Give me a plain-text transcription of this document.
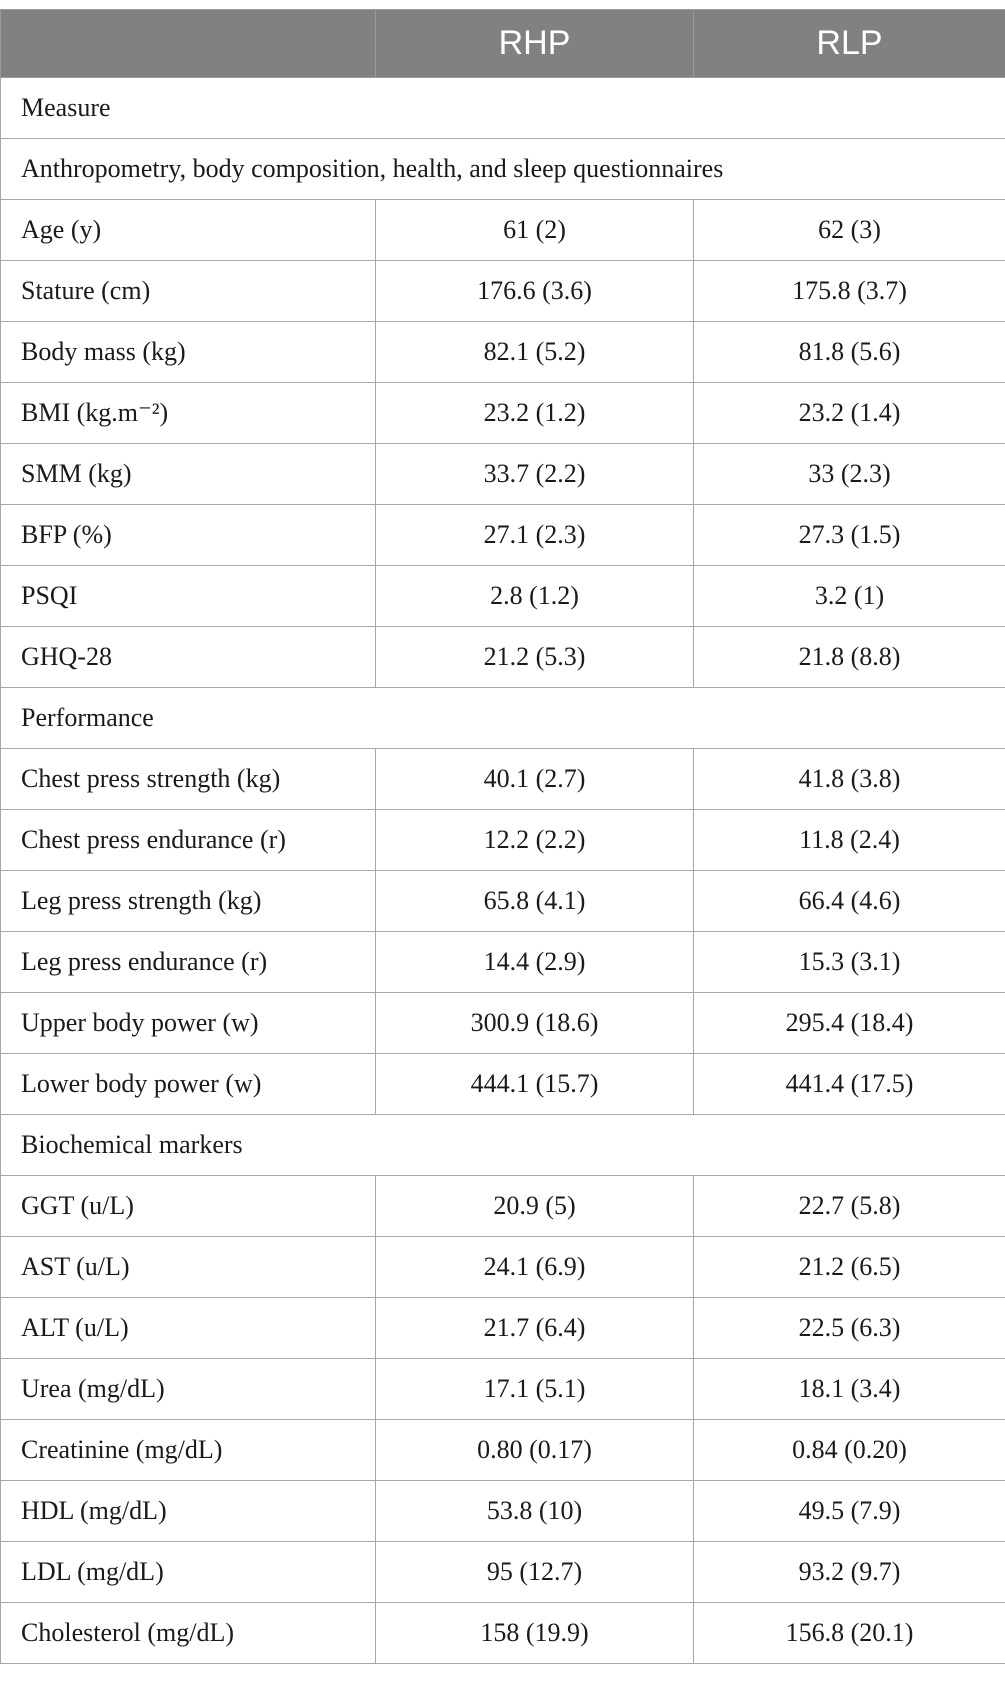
	RHP	RLP
Measure		
Anthropometry, body composition, health, and sleep questionnaires		
Age (y)	61 (2)	62 (3)
Stature (cm)	176.6 (3.6)	175.8 (3.7)
Body mass (kg)	82.1 (5.2)	81.8 (5.6)
BMI (kg.m⁻²)	23.2 (1.2)	23.2 (1.4)
SMM (kg)	33.7 (2.2)	33 (2.3)
BFP (%)	27.1 (2.3)	27.3 (1.5)
PSQI	2.8 (1.2)	3.2 (1)
GHQ-28	21.2 (5.3)	21.8 (8.8)
Performance		
Chest press strength (kg)	40.1 (2.7)	41.8 (3.8)
Chest press endurance (r)	12.2 (2.2)	11.8 (2.4)
Leg press strength (kg)	65.8 (4.1)	66.4 (4.6)
Leg press endurance (r)	14.4 (2.9)	15.3 (3.1)
Upper body power (w)	300.9 (18.6)	295.4 (18.4)
Lower body power (w)	444.1 (15.7)	441.4 (17.5)
Biochemical markers		
GGT (u/L)	20.9 (5)	22.7 (5.8)
AST (u/L)	24.1 (6.9)	21.2 (6.5)
ALT (u/L)	21.7 (6.4)	22.5 (6.3)
Urea (mg/dL)	17.1 (5.1)	18.1 (3.4)
Creatinine (mg/dL)	0.80 (0.17)	0.84 (0.20)
HDL (mg/dL)	53.8 (10)	49.5 (7.9)
LDL (mg/dL)	95 (12.7)	93.2 (9.7)
Cholesterol (mg/dL)	158 (19.9)	156.8 (20.1)
